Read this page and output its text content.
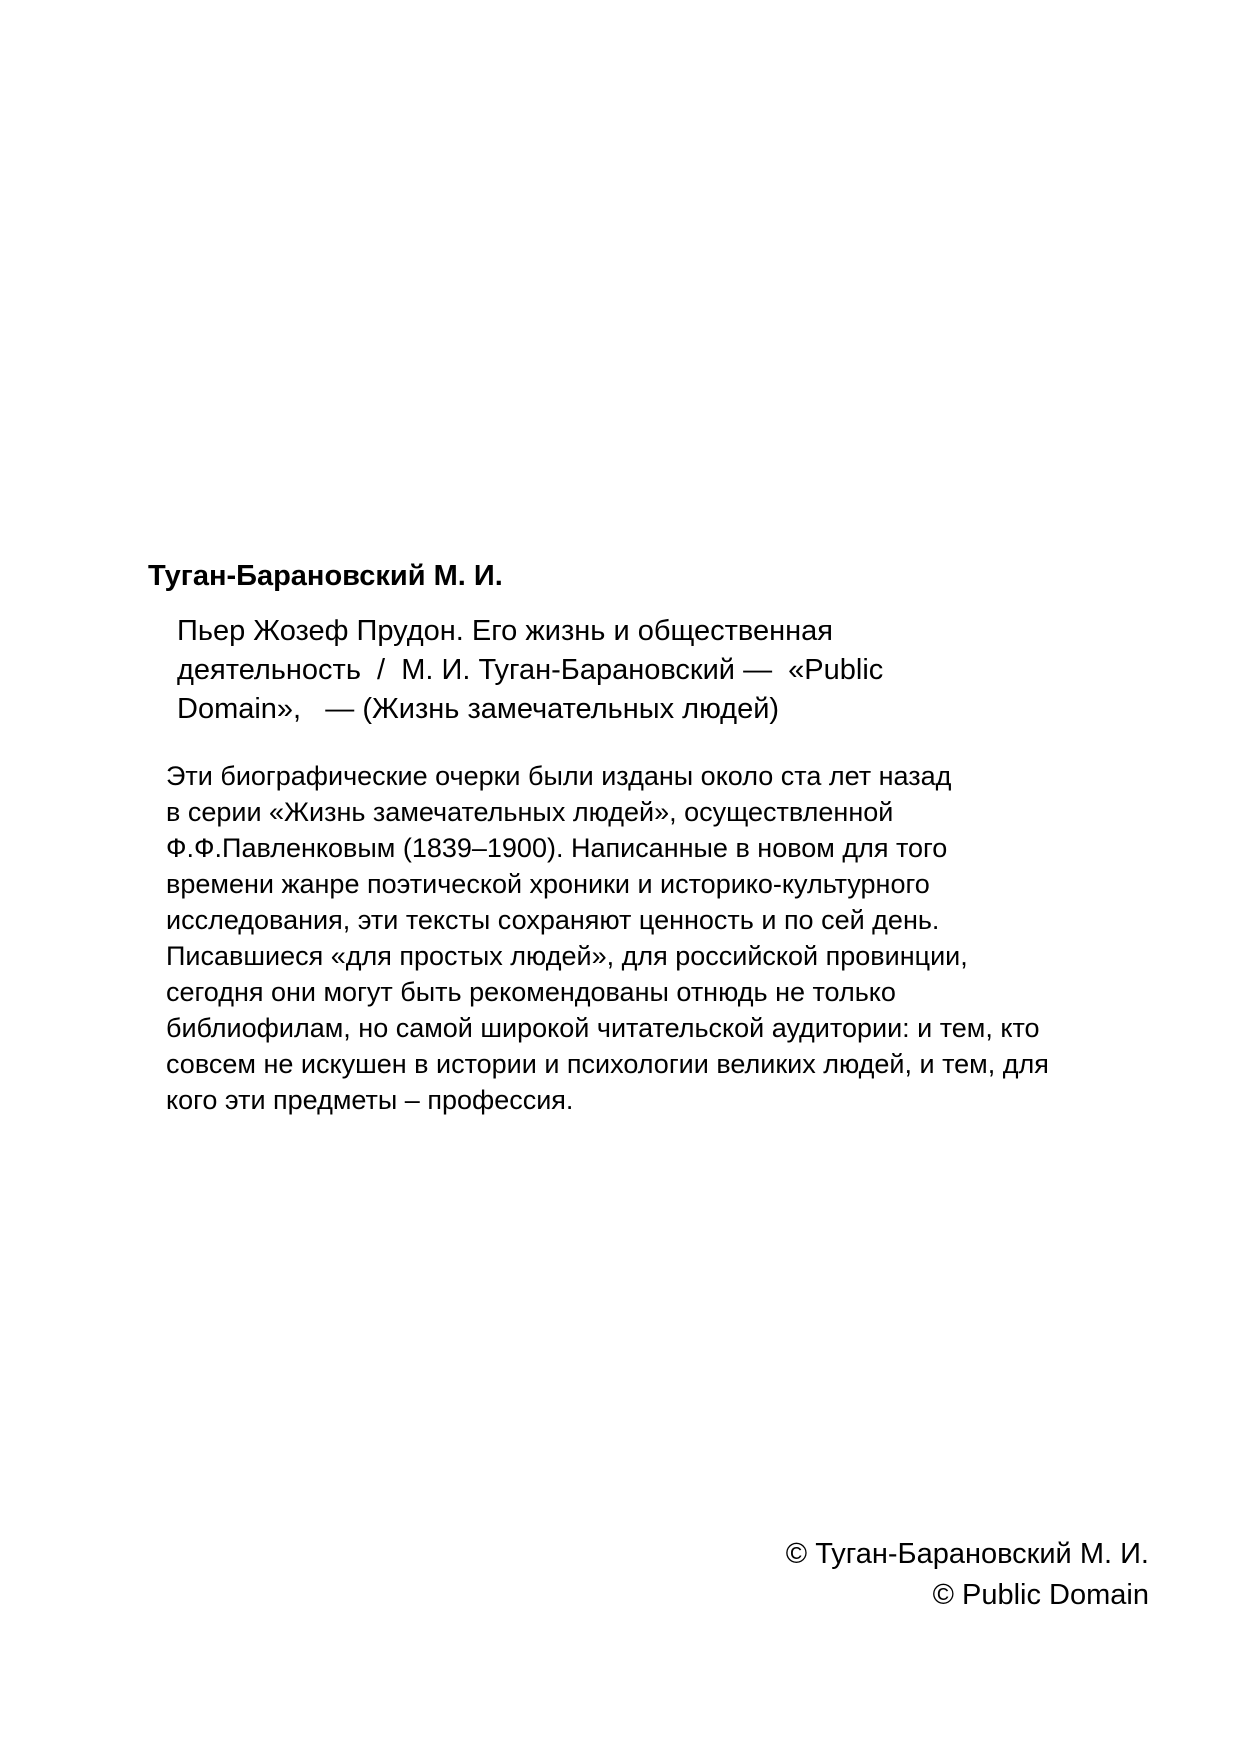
Туган-Барановский М. И.
Пьер Жозеф Прудон. Его жизнь и общественная
деятельность  /  М. И. Туган-Барановский —  «Public
Domain»,   — (Жизнь замечательных людей)
Эти биографические очерки были изданы около ста лет назад
в серии «Жизнь замечательных людей», осуществленной
Ф.Ф.Павленковым (1839–1900). Написанные в новом для того
времени жанре поэтической хроники и историко-культурного
исследования, эти тексты сохраняют ценность и по сей день.
Писавшиеся «для простых людей», для российской провинции,
сегодня они могут быть рекомендованы отнюдь не только
библиофилам, но самой широкой читательской аудитории: и тем, кто
совсем не искушен в истории и психологии великих людей, и тем, для
кого эти предметы – профессия.
© Туган-Барановский М. И.
© Public Domain
